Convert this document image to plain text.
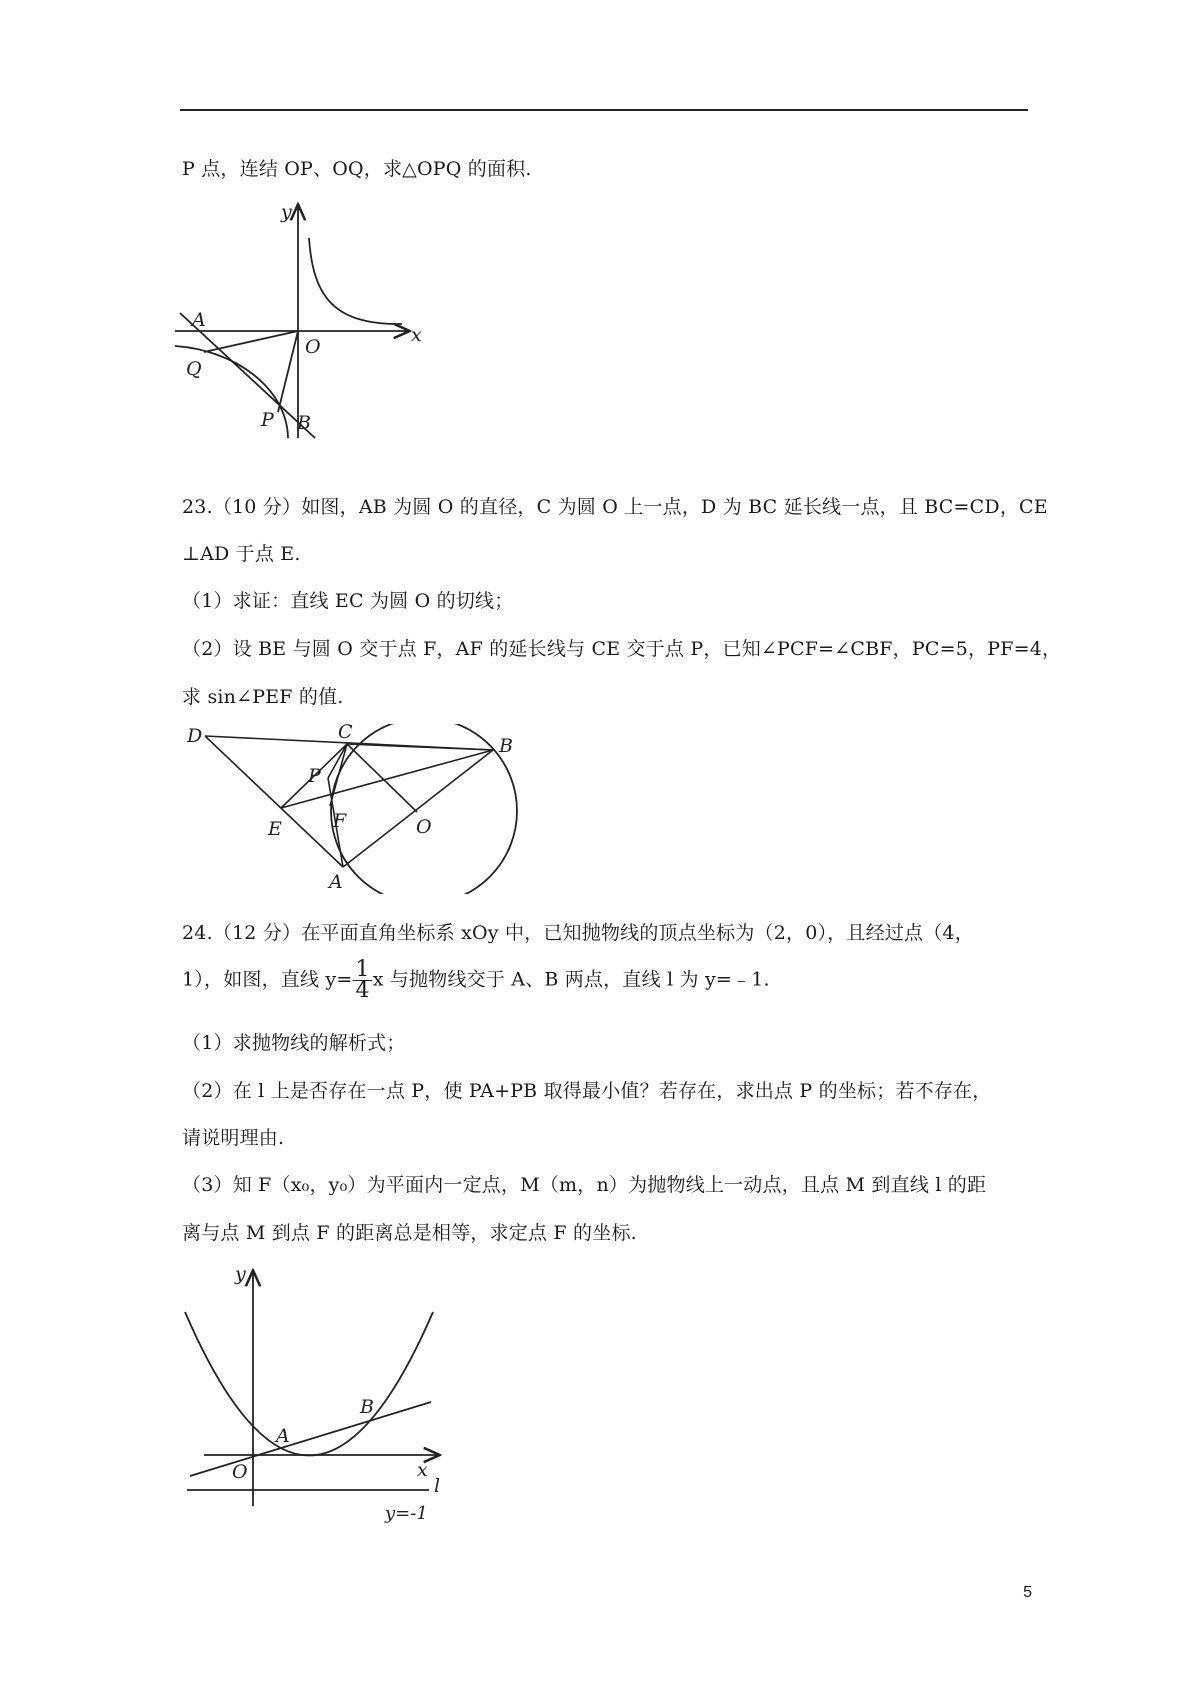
P 点，连结 OP、OQ，求△OPQ 的面积.
y
x
A
O
Q
P B
23.（10 分）如图，AB 为圆 O 的直径，C 为圆 O 上一点，D 为 BC 延长线一点，且 BC=CD，CE
⊥AD 于点 E.
（1）求证：直线 EC 为圆 O 的切线；
（2）设 BE 与圆 O 交于点 F，AF 的延长线与 CE 交于点 P，已知∠PCF=∠CBF，PC=5，PF=4，
求 sin∠PEF 的值.
D	C
B
P
E	F	O
A
24.（12 分）在平面直角坐标系 xOy 中，已知抛物线的顶点坐标为（2，0），且经过点（4，
1），如图，直线 $y= \frac{1}{4}$ x 与抛物线交于 A、B 两点，直线 l 为 y=﹣1.
（1）求抛物线的解析式；
（2）在 l 上是否存在一点 P，使 PA+PB 取得最小值？若存在，求出点 P 的坐标；若不存在，
请说明理由.
（3）知 F（x₀，y₀）为平面内一定点，M（m，n）为抛物线上一动点，且点 M 到直线 l 的距
离与点 M 到点 F 的距离总是相等，求定点 F 的坐标.
y
x
O
A
B
l
y=-1
5
